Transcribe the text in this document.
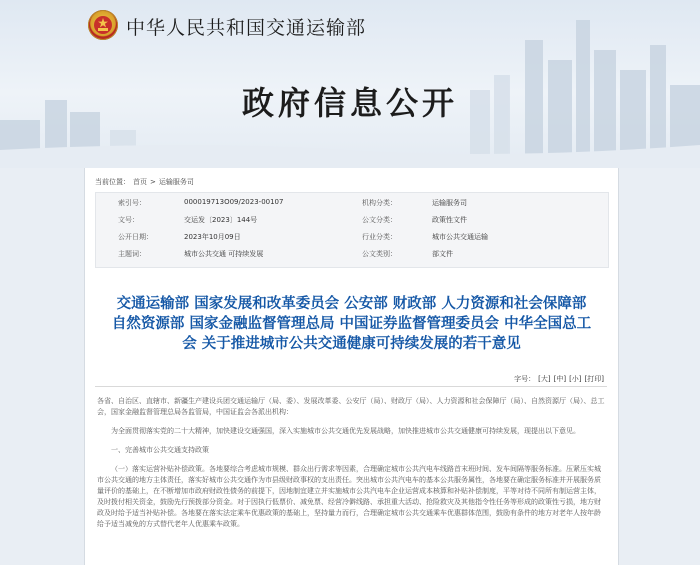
中华人民共和国交通运输部
政府信息公开
当前位置： 首页 > 运输服务司
索引号：	000019713O09/2023-00107	机构分类：	运输服务司
文号：	交运发〔2023〕144号	公文分类：	政策性文件
公开日期：	2023年10月09日	行业分类：	城市公共交通运输
主题词：	城市公共交通 可持续发展	公文类别：	部文件
交通运输部 国家发展和改革委员会 公安部 财政部 人力资源和社会保障部
自然资源部 国家金融监督管理总局 中国证券监督管理委员会 中华全国总工
会 关于推进城市公共交通健康可持续发展的若干意见
字号： [大] [中] [小] [打印]

各省、自治区、直辖市、新疆生产建设兵团交通运输厅（局、委）、发展改革委、公安厅（局）、财政厅（局）、人力资源和社会保障厅（局）、自然资源厅（局）、总工会，国家金融监督管理总局各监管局，中国证监会各派出机构：

为全面贯彻落实党的二十大精神，加快建设交通强国，深入实施城市公共交通优先发展战略，加快推进城市公共交通健康可持续发展，现提出以下意见。

一、完善城市公共交通支持政策

（一）落实运营补贴补偿政策。各地要综合考虑城市规模、群众出行需求等因素，合理确定城市公共汽电车线路首末班时间、发车间隔等服务标准。压紧压实城市公共交通的地方主体责任，落实好城市公共交通作为市县级财政事权的支出责任。突出城市公共汽电车的基本公共服务属性，各地要在确定服务标准并开展服务质量评价的基础上，在不断增加市政府财政性债务的前提下，因地制宜建立并实施城市公共汽电车企业运营成本核算和补贴补偿制度，平等对待不同所有制运营主体，及时拨付相关资金，鼓励先行预拨部分资金。对于因执行低票价、减免票、经营冷僻线路、承担重大活动、抢险救灾及其他指令性任务等形成的政策性亏损，地方财政及时给予适当补贴补偿。各地要在落实法定乘车优惠政策的基础上，坚持量力而行，合理确定城市公共交通乘车优惠群体范围，鼓励有条件的地方对老年人按年龄给予适当减免的方式替代老年人优惠乘车政策。
